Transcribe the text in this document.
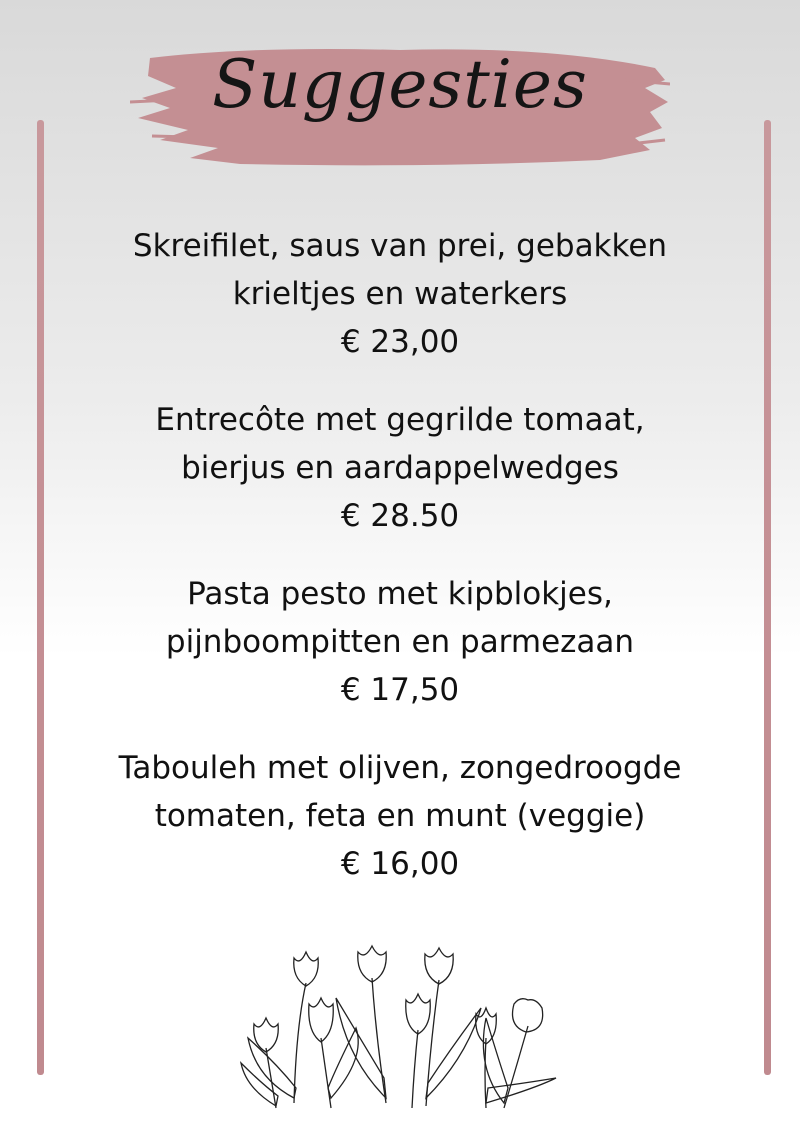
Suggesties
Skreifilet, saus van prei, gebakken
krieltjes en waterkers
€ 23,00
Entrecôte met gegrilde tomaat,
bierjus en aardappelwedges
€ 28.50
Pasta pesto met kipblokjes,
pijnboompitten en parmezaan
€ 17,50
Tabouleh met olijven, zongedroogde
tomaten, feta en munt (veggie)
€ 16,00
